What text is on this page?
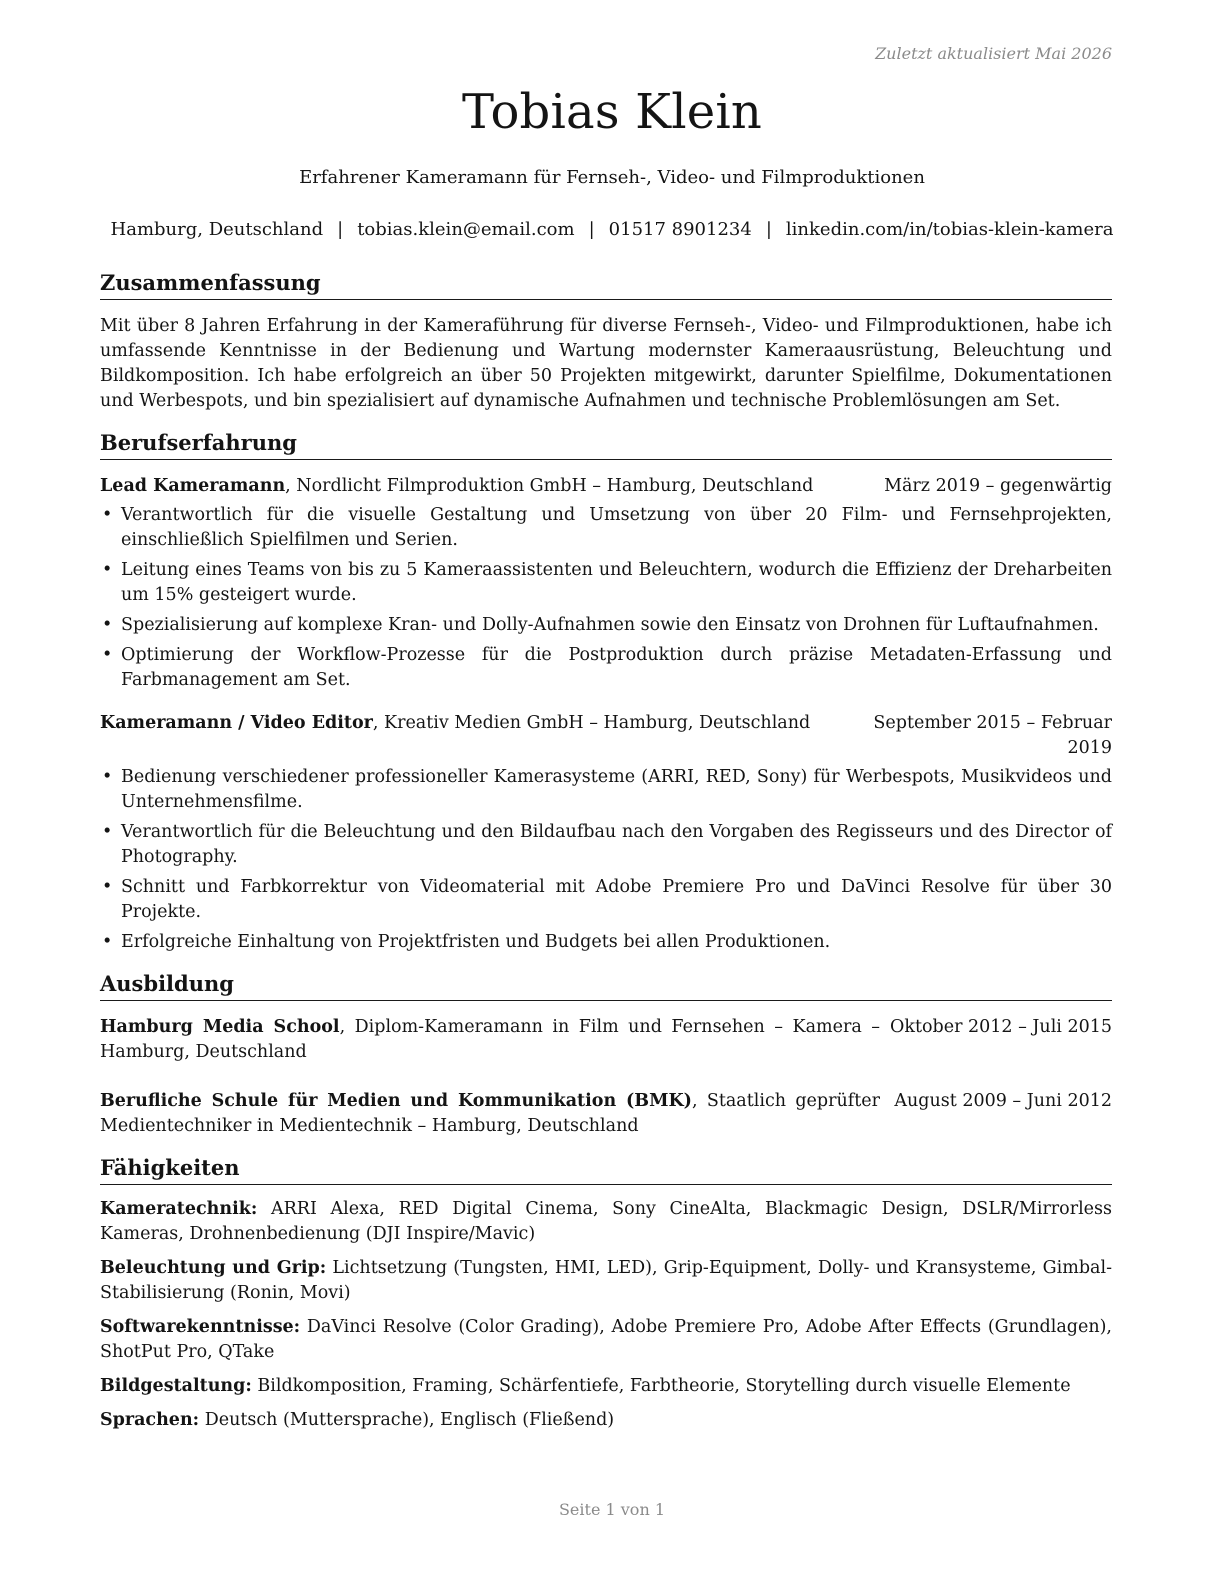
Zuletzt aktualisiert Mai 2026
Tobias Klein
Erfahrener Kameramann für Fernseh-, Video- und Filmproduktionen
Hamburg, Deutschland | tobias.klein@email.com | 01517 8901234 | linkedin.com/in/tobias-klein-kamera
Zusammenfassung

Mit über 8 Jahren Erfahrung in der Kameraführung für diverse Fernseh-, Video- und Filmproduktionen, habe ich umfassende Kenntnisse in der Bedienung und Wartung modernster Kameraausrüstung, Beleuchtung und Bildkomposition. Ich habe erfolgreich an über 50 Projekten mitgewirkt, darunter Spielfilme, Dokumentationen und Werbespots, und bin spezialisiert auf dynamische Aufnahmen und technische Problemlösungen am Set.

Berufserfahrung
Lead Kameramann, Nordlicht Filmproduktion GmbH – Hamburg, Deutschland	März 2019 – gegenwärtig
• Verantwortlich für die visuelle Gestaltung und Umsetzung von über 20 Film- und Fernsehprojekten, einschließlich Spielfilmen und Serien.
• Leitung eines Teams von bis zu 5 Kameraassistenten und Beleuchtern, wodurch die Effizienz der Dreharbeiten um 15% gesteigert wurde.
• Spezialisierung auf komplexe Kran- und Dolly-Aufnahmen sowie den Einsatz von Drohnen für Luftaufnahmen.
• Optimierung der Workflow-Prozesse für die Postproduktion durch präzise Metadaten-Erfassung und Farbmanagement am Set.
Kameramann / Video Editor, Kreativ Medien GmbH – Hamburg, Deutschland	September 2015 – Februar 2019
• Bedienung verschiedener professioneller Kamerasysteme (ARRI, RED, Sony) für Werbespots, Musikvideos und Unternehmensfilme.
• Verantwortlich für die Beleuchtung und den Bildaufbau nach den Vorgaben des Regisseurs und des Director of Photography.
• Schnitt und Farbkorrektur von Videomaterial mit Adobe Premiere Pro und DaVinci Resolve für über 30 Projekte.
• Erfolgreiche Einhaltung von Projektfristen und Budgets bei allen Produktionen.
Ausbildung
Hamburg Media School, Diplom-Kameramann in Film und Fernsehen – Kamera – Hamburg, Deutschland
Oktober 2012 – Juli 2015
Berufliche Schule für Medien und Kommunikation (BMK), Staatlich geprüfter Medientechniker in Medientechnik – Hamburg, Deutschland
August 2009 – Juni 2012
Fähigkeiten
Kameratechnik: ARRI Alexa, RED Digital Cinema, Sony CineAlta, Blackmagic Design, DSLR/Mirrorless Kameras, Drohnenbedienung (DJI Inspire/Mavic)
Beleuchtung und Grip: Lichtsetzung (Tungsten, HMI, LED), Grip-Equipment, Dolly- und Kransysteme, Gimbal-Stabilisierung (Ronin, Movi)
Softwarekenntnisse: DaVinci Resolve (Color Grading), Adobe Premiere Pro, Adobe After Effects (Grundlagen), ShotPut Pro, QTake
Bildgestaltung: Bildkomposition, Framing, Schärfentiefe, Farbtheorie, Storytelling durch visuelle Elemente
Sprachen: Deutsch (Muttersprache), Englisch (Fließend)
Seite 1 von 1
